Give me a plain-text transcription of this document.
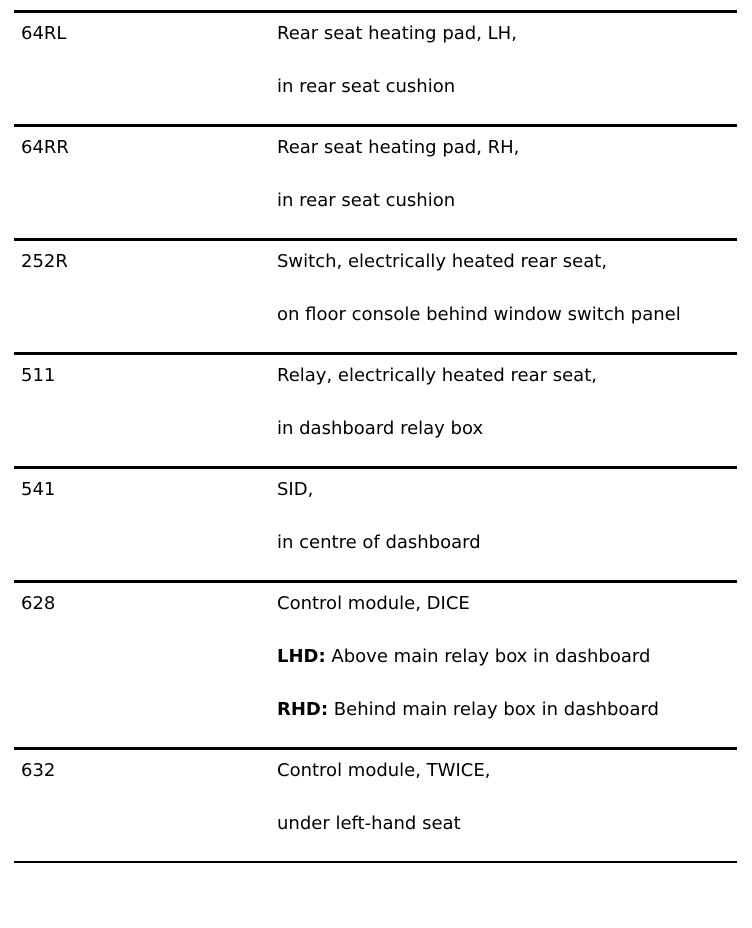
64RL	Rear seat heating pad, LH,
in rear seat cushion
64RR	Rear seat heating pad, RH,
in rear seat cushion
252R	Switch, electrically heated rear seat,
on floor console behind window switch panel
511	Relay, electrically heated rear seat,
in dashboard relay box
541	SID,
in centre of dashboard
628	Control module, DICE
LHD: Above main relay box in dashboard
RHD: Behind main relay box in dashboard
632	Control module, TWICE,
under left-hand seat
